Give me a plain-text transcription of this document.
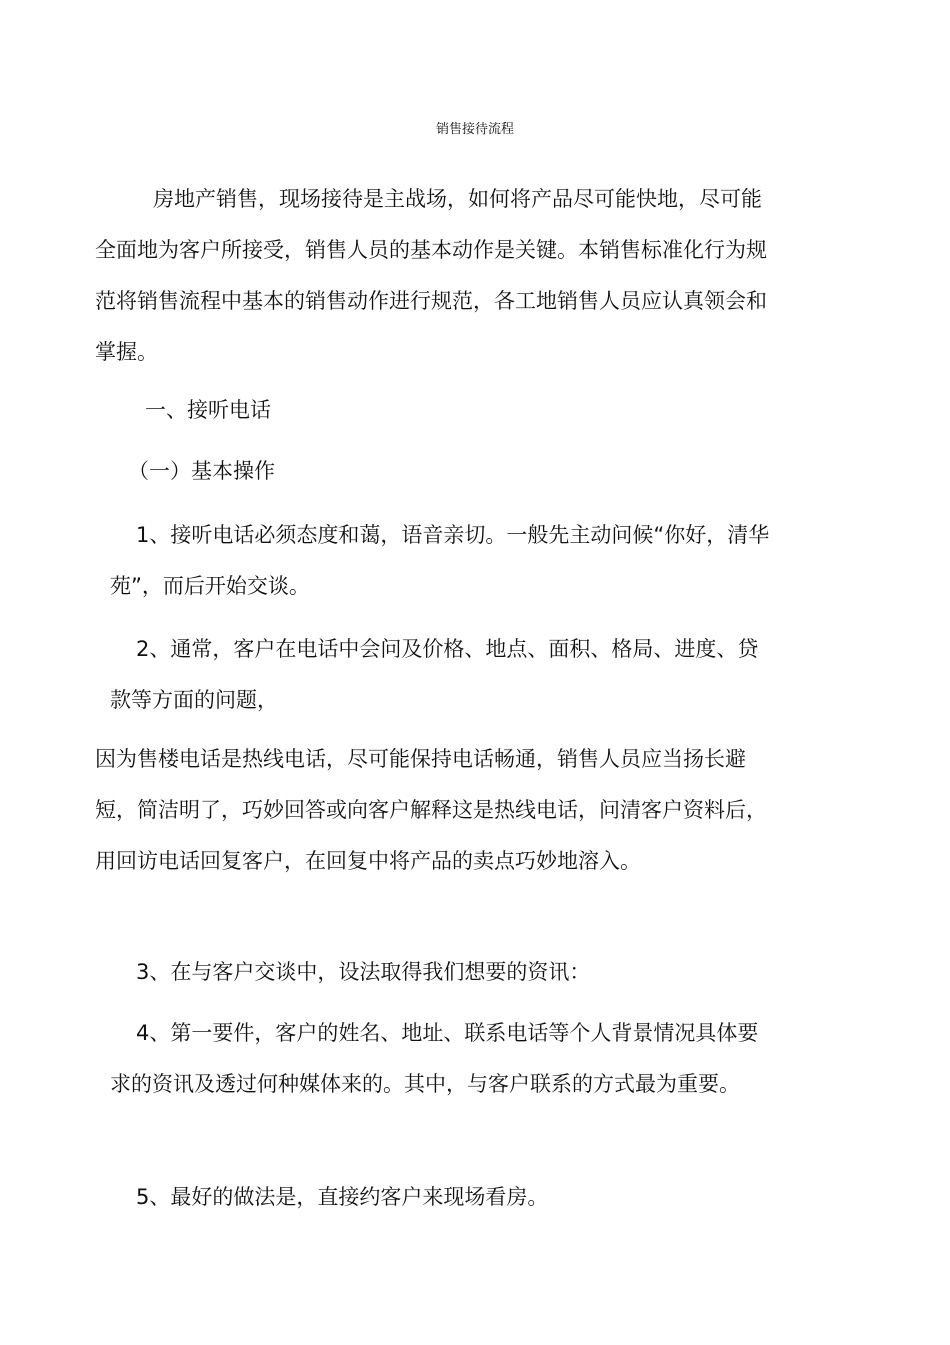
销售接待流程

房地产销售，现场接待是主战场，如何将产品尽可能快地，尽可能全面地为客户所接受，销售人员的基本动作是关键。本销售标准化行为规范将销售流程中基本的销售动作进行规范，各工地销售人员应认真领会和掌握。

一、接听电话

（一）基本操作

1、接听电话必须态度和蔼，语音亲切。一般先主动问候“你好，清华苑”，而后开始交谈。

2、通常，客户在电话中会问及价格、地点、面积、格局、进度、贷款等方面的问题，

因为售楼电话是热线电话，尽可能保持电话畅通，销售人员应当扬长避短，简洁明了，巧妙回答或向客户解释这是热线电话，问清客户资料后，用回访电话回复客户，在回复中将产品的卖点巧妙地溶入。

3、在与客户交谈中，设法取得我们想要的资讯：

4、第一要件，客户的姓名、地址、联系电话等个人背景情况具体要求的资讯及透过何种媒体来的。其中，与客户联系的方式最为重要。

5、最好的做法是，直接约客户来现场看房。
